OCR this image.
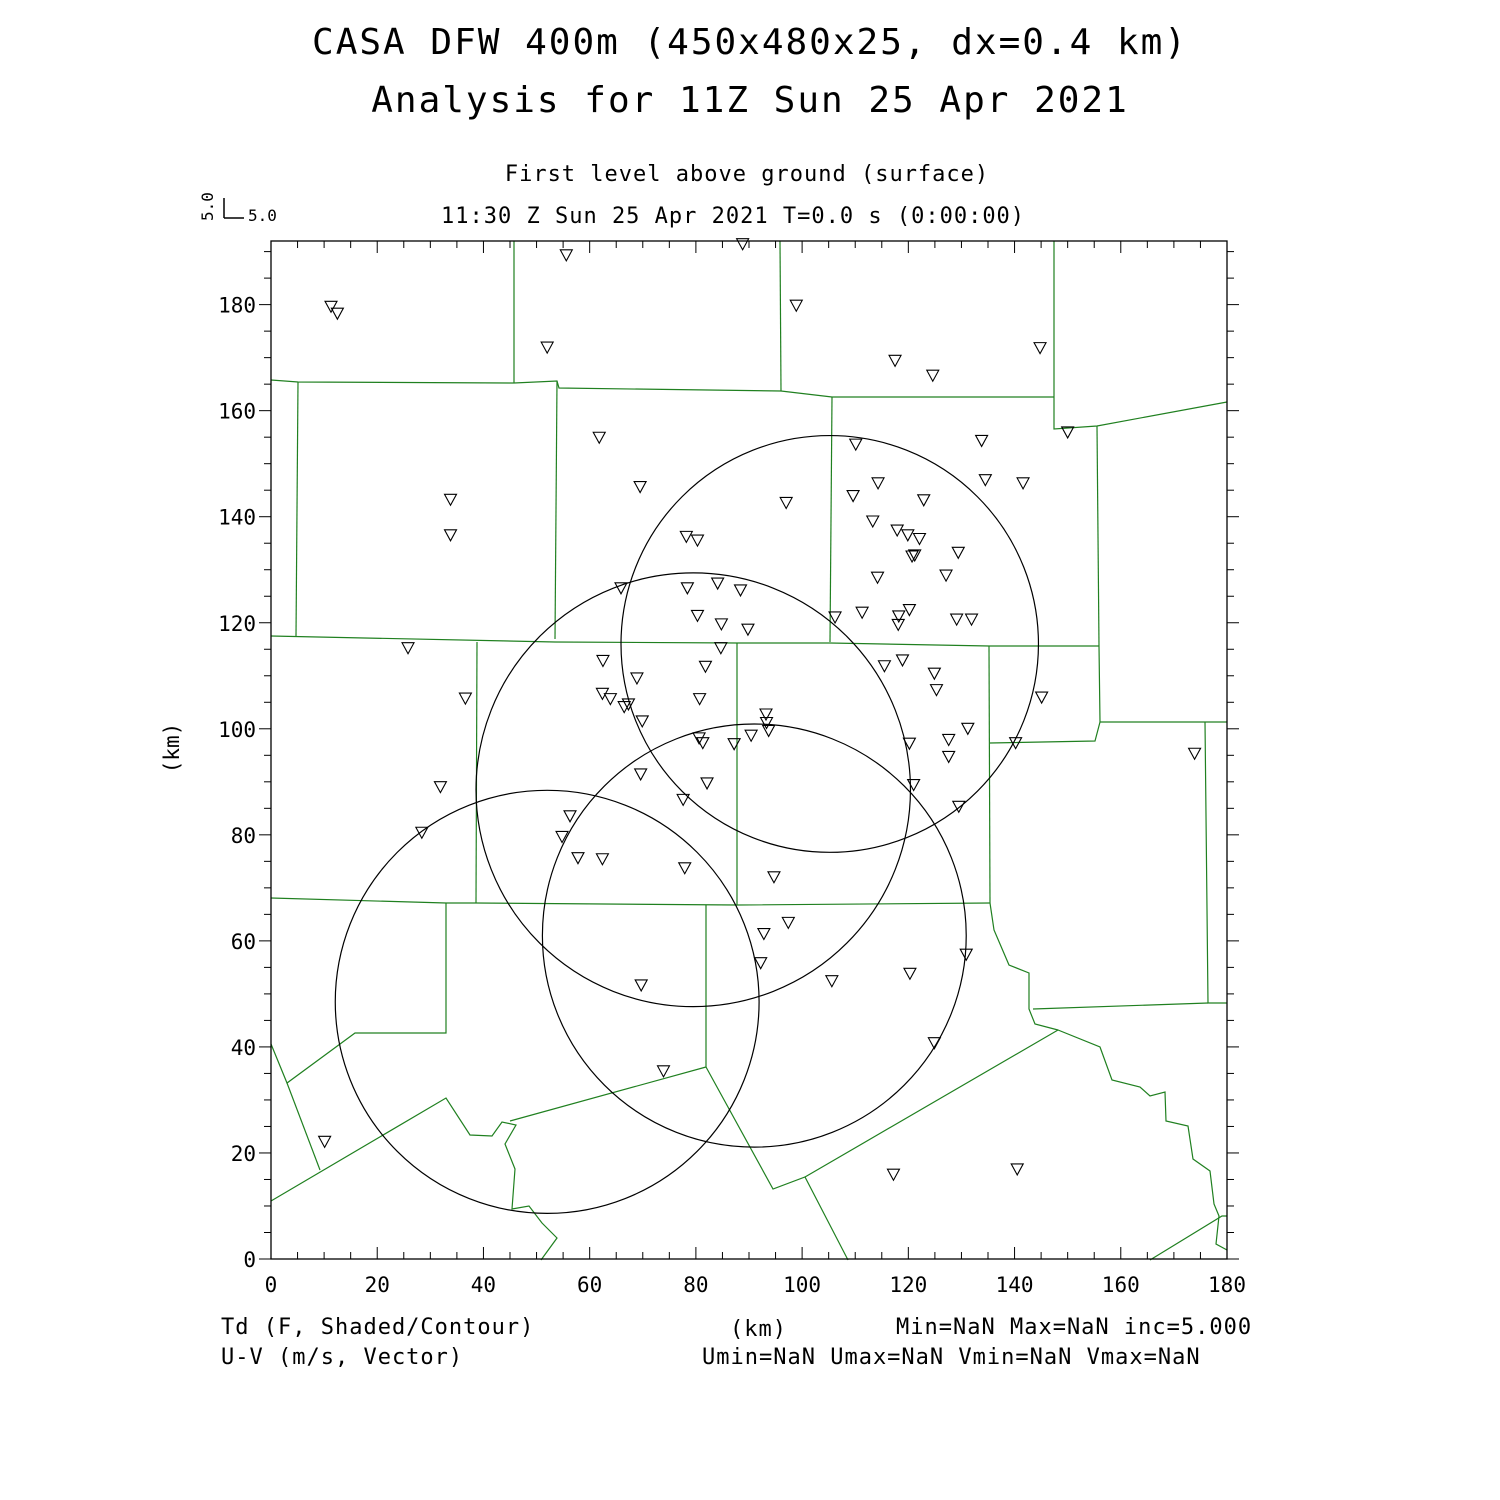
CASA DFW 400m (450x480x25, dx=0.4 km)
Analysis for 11Z Sun 25 Apr 2021
First level above ground (surface)
11:30 Z Sun 25 Apr 2021 T=0.0 s (0:00:00)
Td (F, Shaded/Contour)
U-V (m/s, Vector)
Min=NaN Max=NaN inc=5.000
Umin=NaN Umax=NaN Vmin=NaN Vmax=NaN
(km)
5.0
5.0
(km)
0	20	40	60	80	100	120	140	160	180
0
20
40
60
80
100
120
140
160
180
